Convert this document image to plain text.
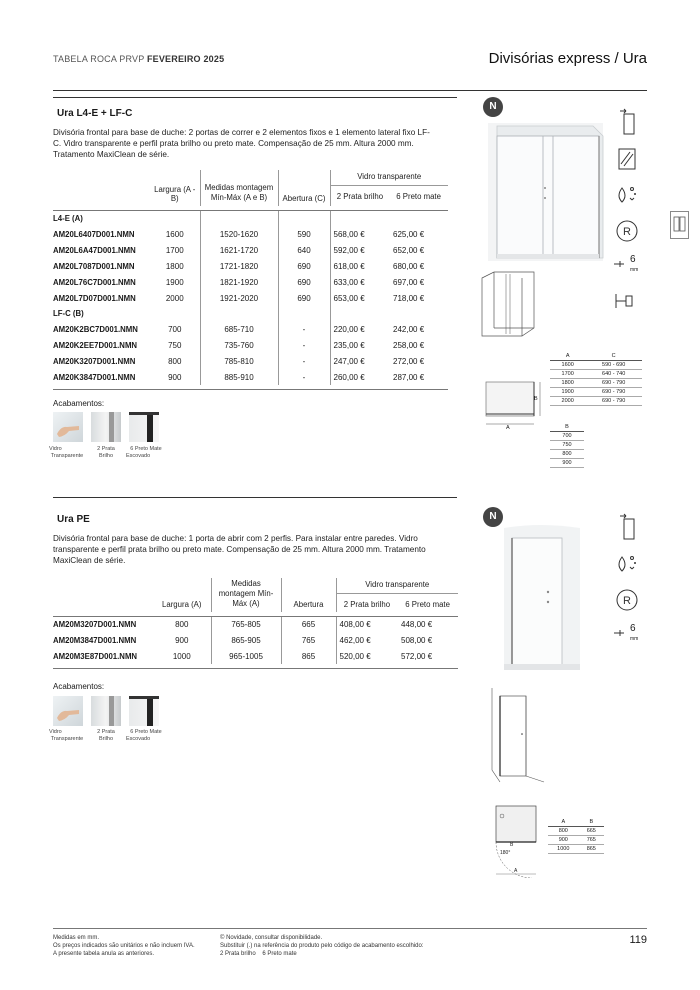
TABELA ROCA PRVP FEVEREIRO 2025	Divisórias express / Ura
Ura L4-E + LF-C
Divisória frontal para base de duche: 2 portas de correr e 2 elementos fixos e 1 elemento lateral fixo LF-C. Vidro transparente e perfil prata brilho ou preto mate. Compensação de 25 mm. Altura 2000 mm. Tratamento MaxiClean de série.
	Largura (A - B)	Medidas montagem Mín-Máx (A e B)	Abertura (C)	Vidro transparente
2 Prata brilho 6 Preto mate	

L4-E (A)					
AM20L6407D001.NMN	1600	1520-1620	590	568,00 €	625,00 €
AM20L6A47D001.NMN	1700	1621-1720	640	592,00 €	652,00 €
AM20L7087D001.NMN	1800	1721-1820	690	618,00 €	680,00 €
AM20L76C7D001.NMN	1900	1821-1920	690	633,00 €	697,00 €
AM20L7D07D001.NMN	2000	1921-2020	690	653,00 €	718,00 €
LF-C (B)					
AM20K2BC7D001.NMN	700	685-710	-	220,00 €	242,00 €
AM20K2EE7D001.NMN	750	735-760	-	235,00 €	258,00 €
AM20K3207D001.NMN	800	785-810	-	247,00 €	272,00 €
AM20K3847D001.NMN	900	885-910	-	260,00 €	287,00 €

Acabamentos:
Vidro
Transparente
2 Prata
Brilho
6 Preto Mate
Escovado
N
A
B
A	C
1600	590 - 690
1700	640 - 740
1800	690 - 790
1900	690 - 790
2000	690 - 790
B
700
750
800
900
R
6
mm
Ura PE
Divisória frontal para base de duche: 1 porta de abrir com 2 perfis. Para instalar entre paredes. Vidro transparente e perfil prata brilho ou preto mate. Compensação de 25 mm. Altura 2000 mm. Tratamento MaxiClean de série.
	Largura (A)	Medidas montagem Mín-Máx (A)	Abertura	Vidro transparente
2 Prata brilho 6 Preto mate	

AM20M3207D001.NMN	800	765-805	665	408,00 €	448,00 €
AM20M3847D001.NMN	900	865-905	765	462,00 €	508,00 €
AM20M3E87D001.NMN	1000	965-1005	865	520,00 €	572,00 €

Acabamentos:
Vidro
Transparente
2 Prata
Brilho
6 Preto Mate
Escovado
N
B
180°
A
A	B
800	665
900	765
1000	865
R
6
mm
Medidas em mm.
Os preços indicados são unitários e não incluem IVA.
A presente tabela anula as anteriores.
© Novidade, consultar disponibilidade.
Substituir (.) na referência do produto pelo código de acabamento escolhido:
2 Prata brilho    6 Preto mate
119
